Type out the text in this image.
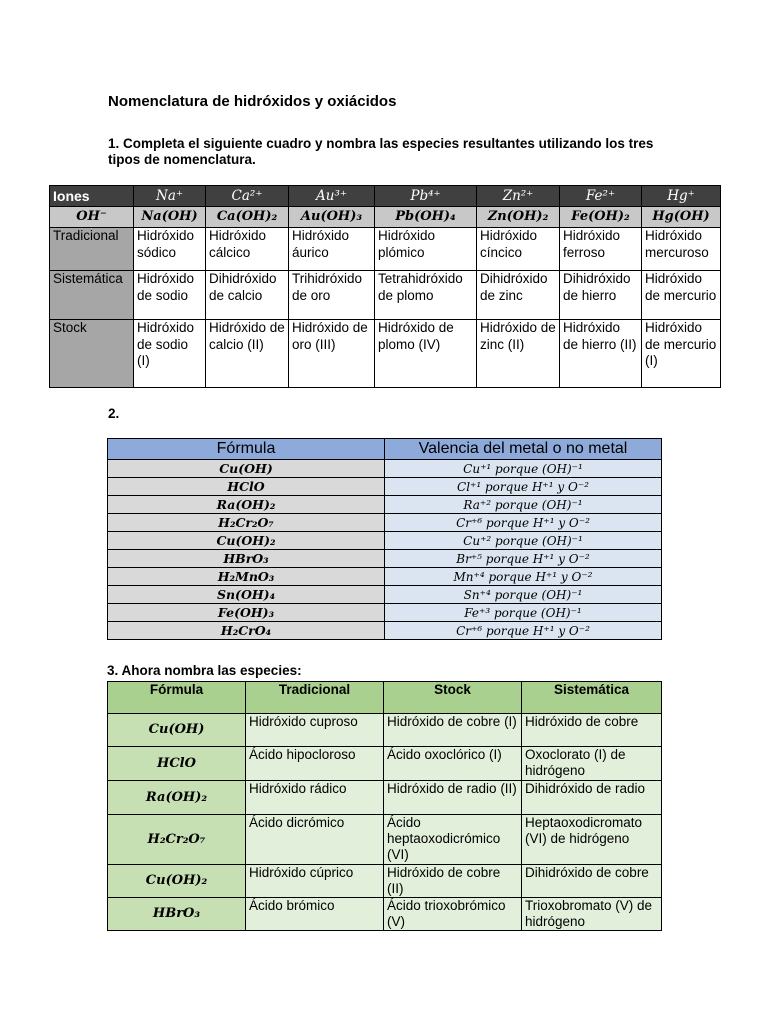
Nomenclatura de hidróxidos y oxiácidos
1. Completa el siguiente cuadro y nombra las especies resultantes utilizando los tres tipos de nomenclatura.
Iones	Na⁺	Ca²⁺	Au³⁺	Pb⁴⁺	Zn²⁺	Fe²⁺	Hg⁺
OH⁻	Na(OH)	Ca(OH)₂	Au(OH)₃	Pb(OH)₄	Zn(OH)₂	Fe(OH)₂	Hg(OH)
Tradicional	Hidróxido sódico	Hidróxido cálcico	Hidróxido áurico	Hidróxido plómico	Hidróxido cíncico	Hidróxido ferroso	Hidróxido mercuroso
Sistemática	Hidróxido de sodio	Dihidróxido de calcio	Trihidróxido de oro	Tetrahidróxido de plomo	Dihidróxido de zinc	Dihidróxido de hierro	Hidróxido de mercurio
Stock	Hidróxido de sodio (I)	Hidróxido de calcio (II)	Hidróxido de oro (III)	Hidróxido de plomo (IV)	Hidróxido de zinc (II)	Hidróxido de hierro (II)	Hidróxido de mercurio (I)
2.
Fórmula	Valencia del metal o no metal
Cu(OH)	Cu⁺¹ porque (OH)⁻¹
HClO	Cl⁺¹ porque H⁺¹ y O⁻²
Ra(OH)₂	Ra⁺² porque (OH)⁻¹
H₂Cr₂O₇	Cr⁺⁶ porque H⁺¹ y O⁻²
Cu(OH)₂	Cu⁺² porque (OH)⁻¹
HBrO₃	Br⁺⁵ porque H⁺¹ y O⁻²
H₂MnO₃	Mn⁺⁴ porque H⁺¹ y O⁻²
Sn(OH)₄	Sn⁺⁴ porque (OH)⁻¹
Fe(OH)₃	Fe⁺³ porque (OH)⁻¹
H₂CrO₄	Cr⁺⁶ porque H⁺¹ y O⁻²
3. Ahora nombra las especies:
Fórmula	Tradicional	Stock	Sistemática
Cu(OH)	Hidróxido cuproso	Hidróxido de cobre (I)	Hidróxido de cobre
HClO	Ácido hipocloroso	Ácido oxoclórico (I)	Oxoclorato (I) de hidrógeno
Ra(OH)₂	Hidróxido rádico	Hidróxido de radio (II)	Dihidróxido de radio
H₂Cr₂O₇	Ácido dicrómico	Ácido heptaoxodicrómico (VI)	Heptaoxodicromato (VI) de hidrógeno
Cu(OH)₂	Hidróxido cúprico	Hidróxido de cobre (II)	Dihidróxido de cobre
HBrO₃	Ácido brómico	Ácido trioxobrómico (V)	Trioxobromato (V) de hidrógeno
